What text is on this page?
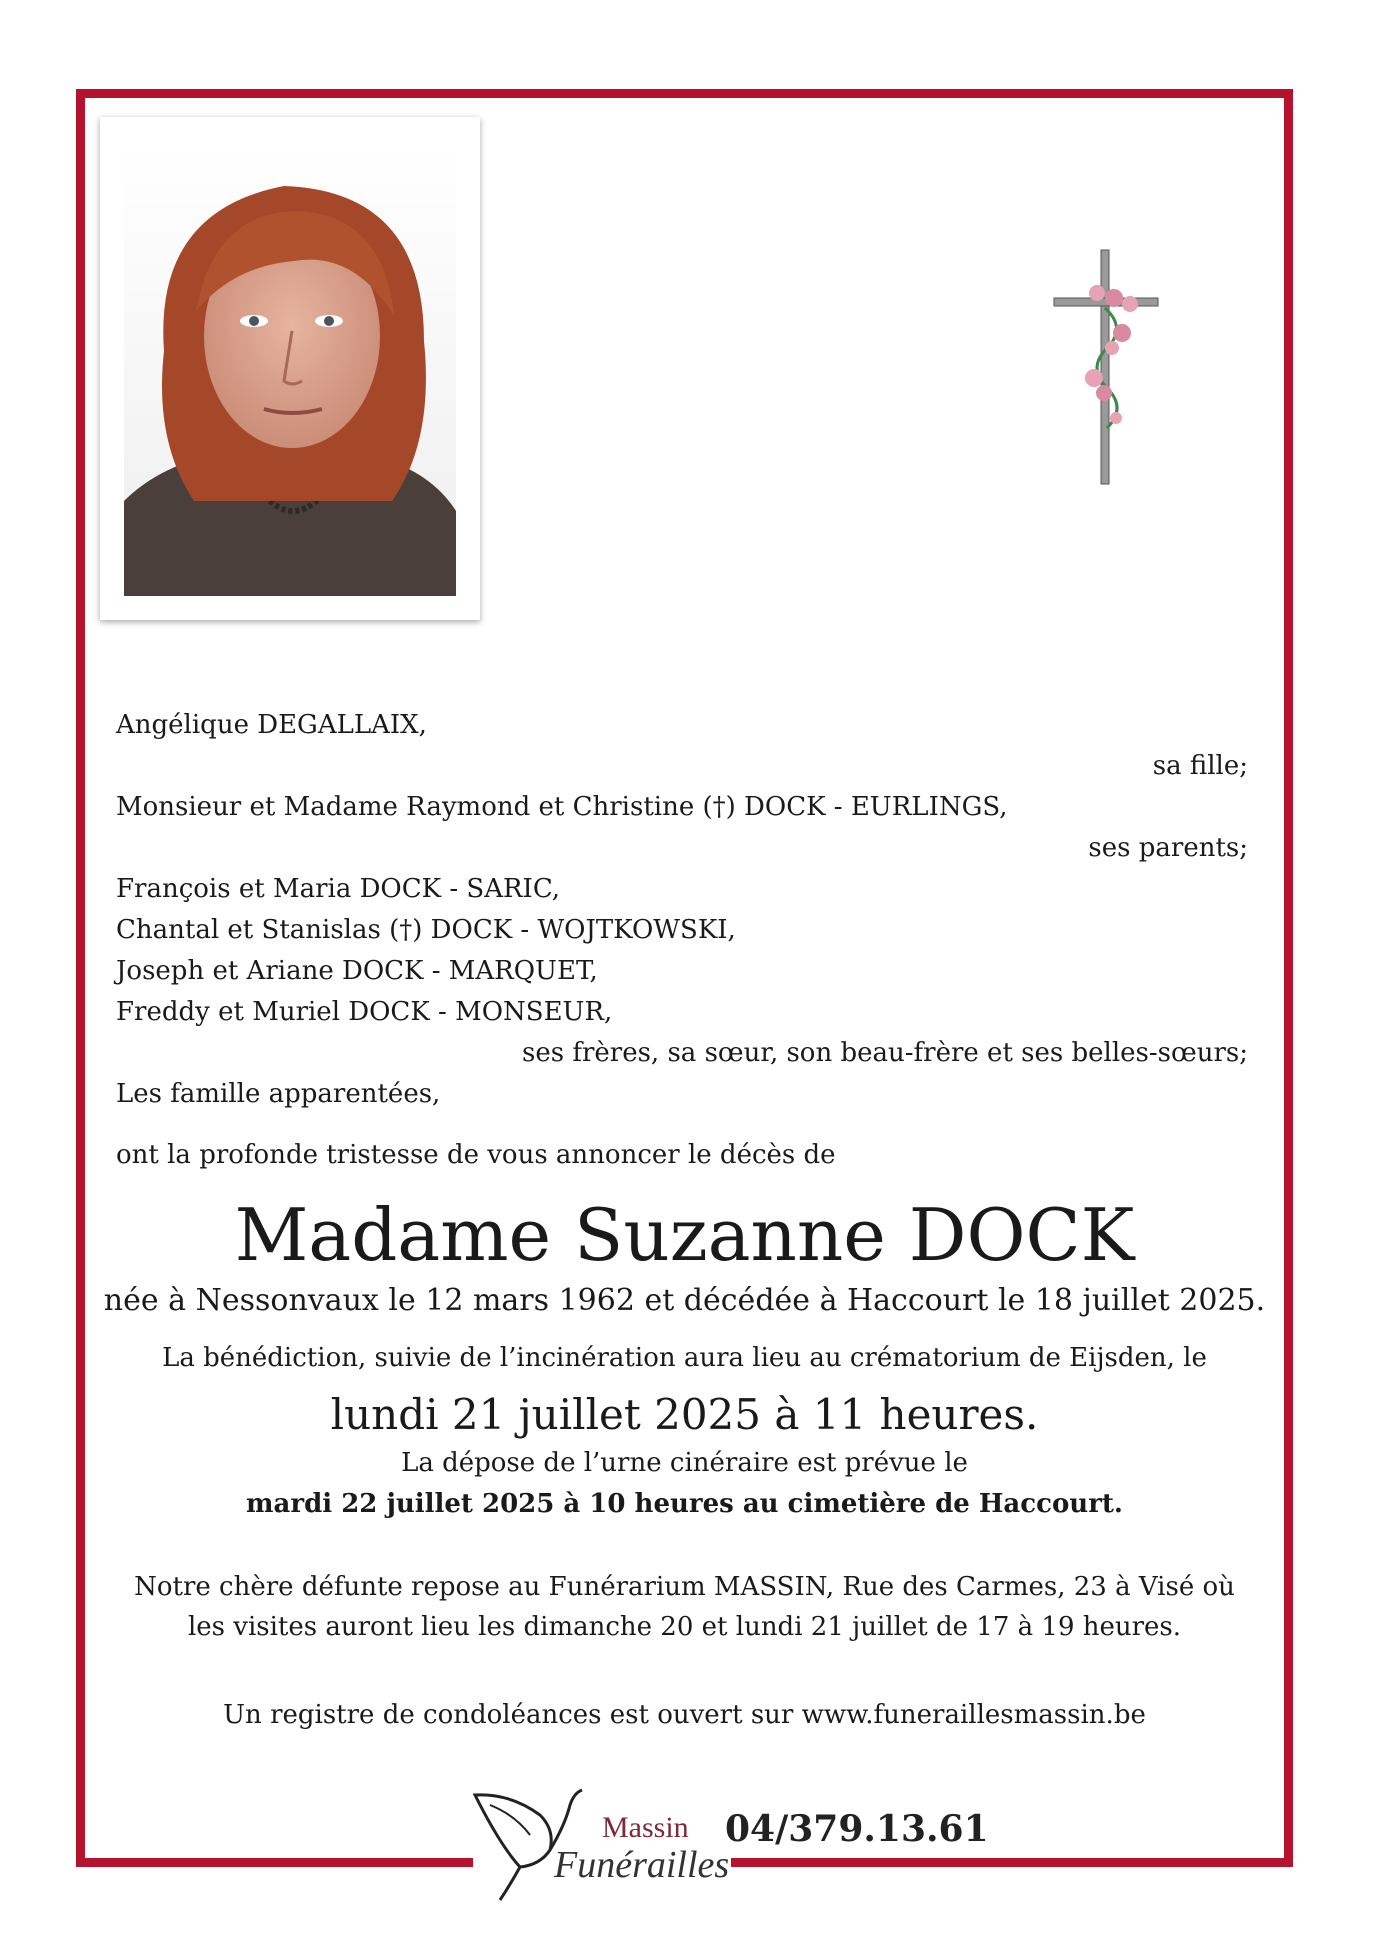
Angélique DEGALLAIX,

sa fille;

Monsieur et Madame Raymond et Christine (†) DOCK - EURLINGS,

ses parents;

François et Maria DOCK - SARIC,

Chantal et Stanislas (†) DOCK - WOJTKOWSKI,

Joseph et Ariane DOCK - MARQUET,

Freddy et Muriel DOCK - MONSEUR,

ses frères, sa sœur, son beau-frère et ses belles-sœurs;

Les famille apparentées,

ont la profonde tristesse de vous annoncer le décès de

Madame Suzanne DOCK
née à Nessonvaux le 12 mars 1962 et décédée à Haccourt le 18 juillet 2025.
La bénédiction, suivie de l’incinération aura lieu au crématorium de Eijsden, le
lundi 21 juillet 2025 à 11 heures.
La dépose de l’urne cinéraire est prévue le
mardi 22 juillet 2025 à 10 heures au cimetière de Haccourt.
Notre chère défunte repose au Funérarium MASSIN, Rue des Carmes, 23 à Visé où
les visites auront lieu les dimanche 20 et lundi 21 juillet de 17 à 19 heures.
Un registre de condoléances est ouvert sur www.funeraillesmassin.be
Massin
Funérailles
04/379.13.61
